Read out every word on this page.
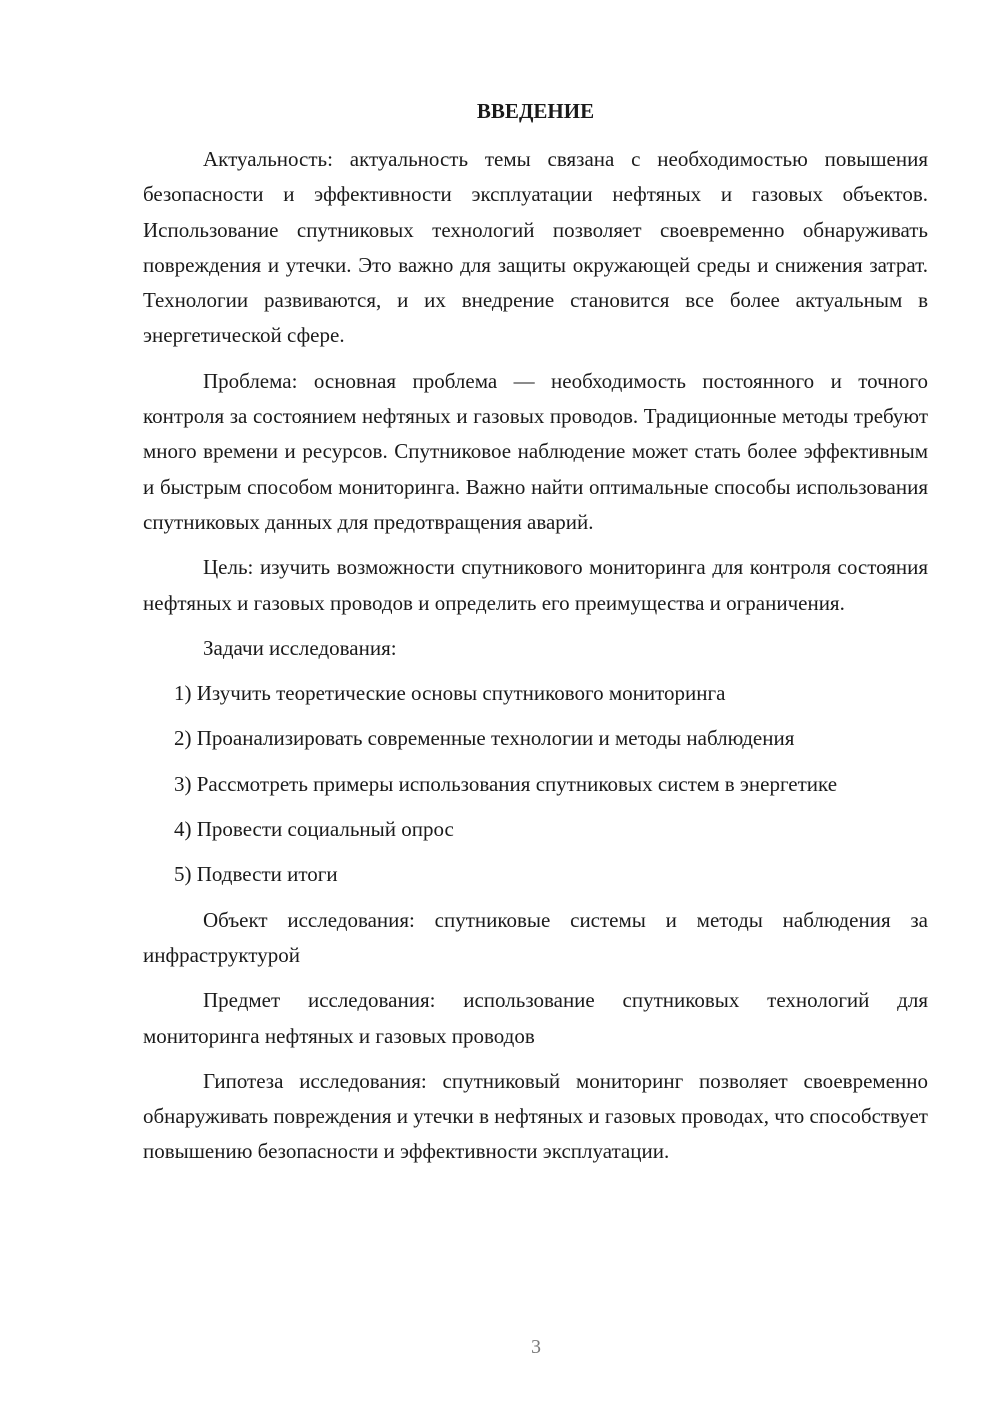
ВВЕДЕНИЕ

Актуальность: актуальность темы связана с необходимостью повышения безопасности и эффективности эксплуатации нефтяных и газовых объектов. Использование спутниковых технологий позволяет своевременно обнаруживать повреждения и утечки. Это важно для защиты окружающей среды и снижения затрат. Технологии развиваются, и их внедрение становится все более актуальным в энергетической сфере.

Проблема: основная проблема — необходимость постоянного и точного контроля за состоянием нефтяных и газовых проводов. Традиционные методы требуют много времени и ресурсов. Спутниковое наблюдение может стать более эффективным и быстрым способом мониторинга. Важно найти оптимальные способы использования спутниковых данных для предотвращения аварий.

Цель: изучить возможности спутникового мониторинга для контроля состояния нефтяных и газовых проводов и определить его преимущества и ограничения.

Задачи исследования:

1) Изучить теоретические основы спутникового мониторинга

2) Проанализировать современные технологии и методы наблюдения

3) Рассмотреть примеры использования спутниковых систем в энергетике

4) Провести социальный опрос

5) Подвести итоги

Объект исследования: спутниковые системы и методы наблюдения за инфраструктурой

Предмет исследования: использование спутниковых технологий для мониторинга нефтяных и газовых проводов

Гипотеза исследования: спутниковый мониторинг позволяет своевременно обнаруживать повреждения и утечки в нефтяных и газовых проводах, что способствует повышению безопасности и эффективности эксплуатации.

3
